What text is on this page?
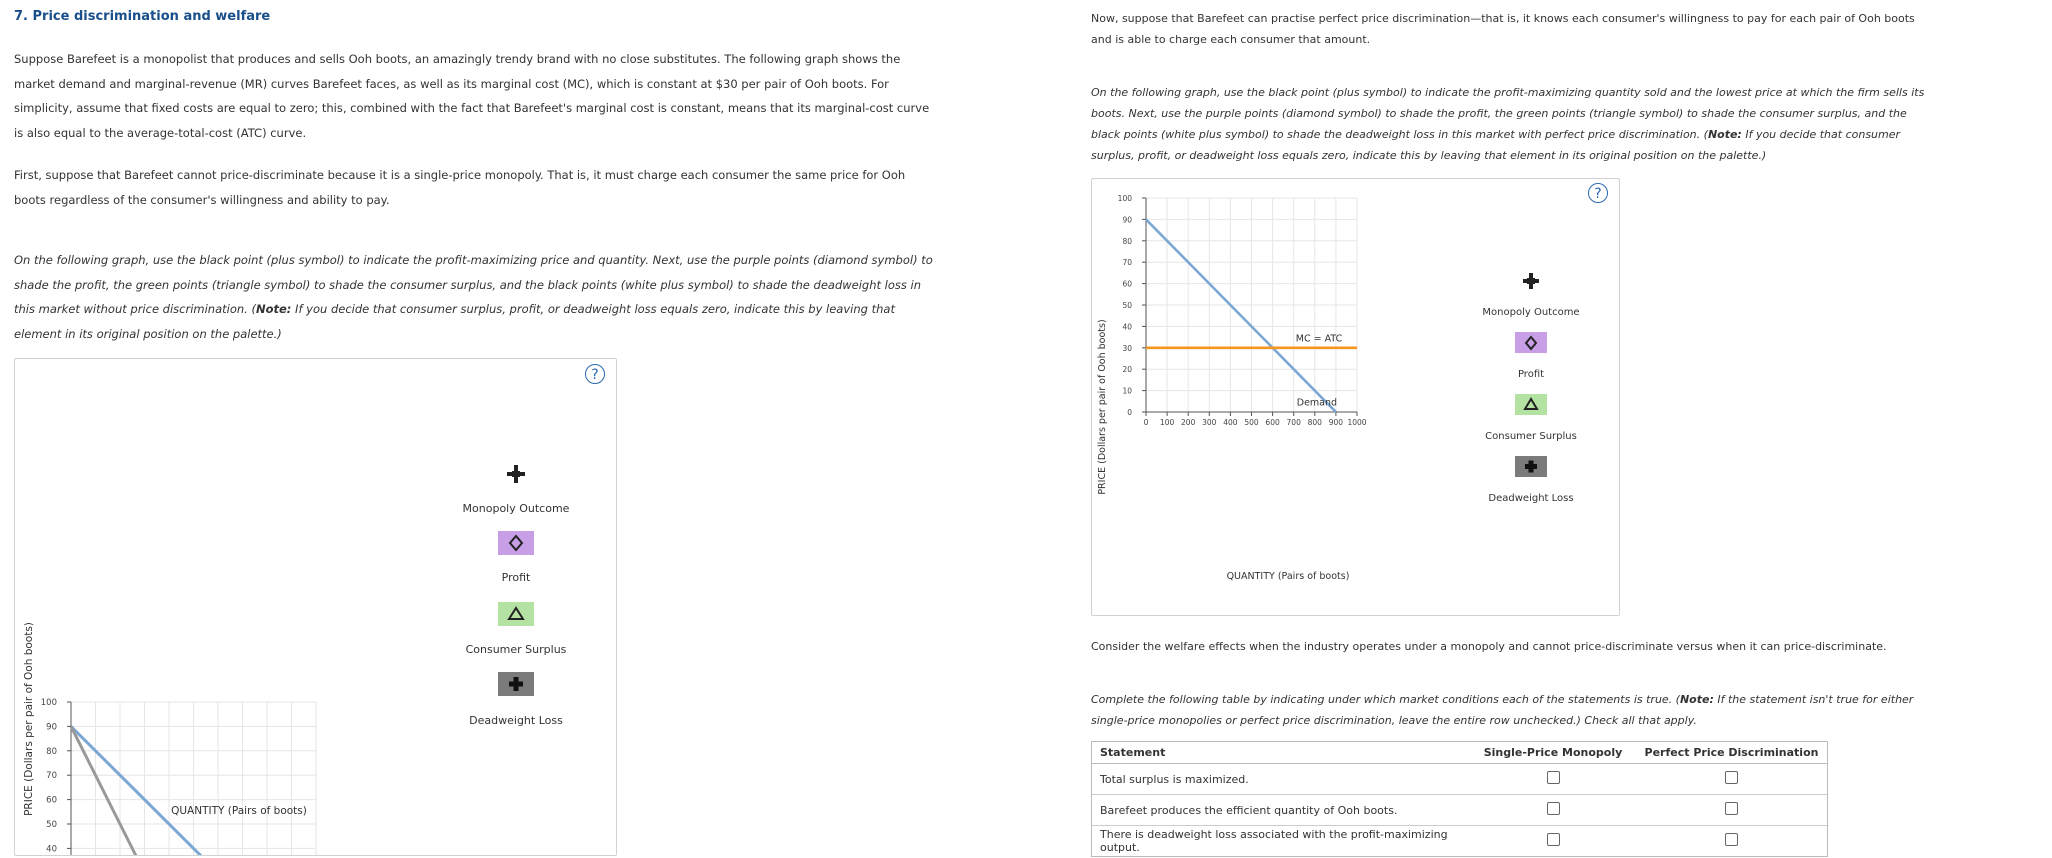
7. Price discrimination and welfare

Suppose Barefeet is a monopolist that produces and sells Ooh boots, an amazingly trendy brand with no close substitutes. The following graph shows the market demand and marginal-revenue (MR) curves Barefeet faces, as well as its marginal cost (MC), which is constant at $30 per pair of Ooh boots. For simplicity, assume that fixed costs are equal to zero; this, combined with the fact that Barefeet's marginal cost is constant, means that its marginal-cost curve is also equal to the average-total-cost (ATC) curve.

First, suppose that Barefeet cannot price-discriminate because it is a single-price monopoly. That is, it must charge each consumer the same price for Ooh boots regardless of the consumer's willingness and ability to pay.

On the following graph, use the black point (plus symbol) to indicate the profit-maximizing price and quantity. Next, use the purple points (diamond symbol) to shade the profit, the green points (triangle symbol) to shade the consumer surplus, and the black points (white plus symbol) to shade the deadweight loss in this market without price discrimination. (Note: If you decide that consumer surplus, profit, or deadweight loss equals zero, indicate this by leaving that element in its original position on the palette.)

?
40
50
60
70
80
90
100
PRICE (Dollars per pair of Ooh boots)	QUANTITY (Pairs of boots)
Monopoly Outcome
Profit
Consumer Surplus
Deadweight Loss

Now, suppose that Barefeet can practise perfect price discrimination—that is, it knows each consumer's willingness to pay for each pair of Ooh boots and is able to charge each consumer that amount.

On the following graph, use the black point (plus symbol) to indicate the profit-maximizing quantity sold and the lowest price at which the firm sells its boots. Next, use the purple points (diamond symbol) to shade the profit, the green points (triangle symbol) to shade the consumer surplus, and the black points (white plus symbol) to shade the deadweight loss in this market with perfect price discrimination. (Note: If you decide that consumer surplus, profit, or deadweight loss equals zero, indicate this by leaving that element in its original position on the palette.)

?
0
10
20
30
40
50
60
70
80
90
100
0 100 200 300 400 500 600 700 800 900 1000
Demand
MC = ATC
PRICE (Dollars per pair of Ooh boots)
QUANTITY (Pairs of boots)
Monopoly Outcome
Profit
Consumer Surplus
Deadweight Loss

Consider the welfare effects when the industry operates under a monopoly and cannot price-discriminate versus when it can price-discriminate.

Complete the following table by indicating under which market conditions each of the statements is true. (Note: If the statement isn't true for either single-price monopolies or perfect price discrimination, leave the entire row unchecked.) Check all that apply.

Statement	Single-Price Monopoly	Perfect Price Discrimination
Total surplus is maximized.		
Barefeet produces the efficient quantity of Ooh boots.		
There is deadweight loss associated with the profit-maximizing output.		
